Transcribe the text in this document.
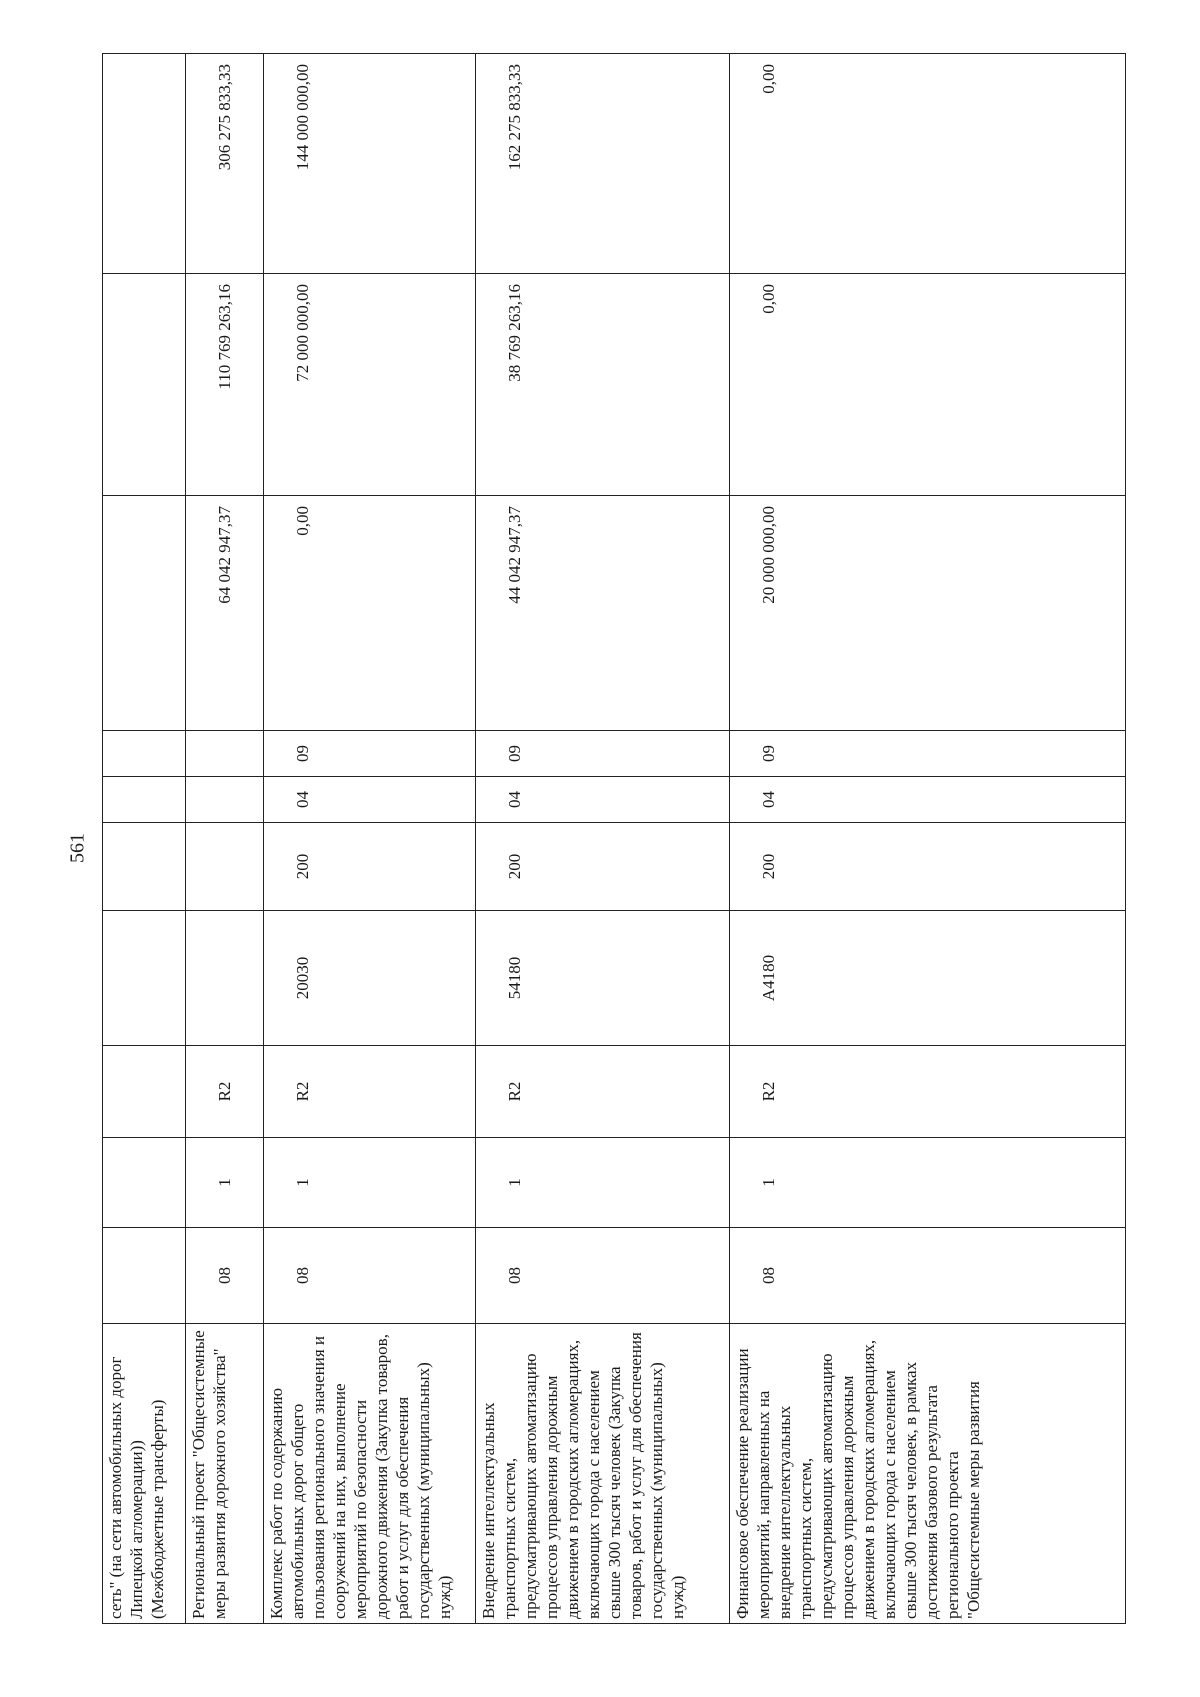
561
сеть" (на сети автомобильных дорог Липецкой агломерации)) (Межбюджетные трансферты)										
Региональный проект "Общесистемные меры развития дорожного хозяйства"	08	1	R2					64 042 947,37	110 769 263,16	306 275 833,33
Комплекс работ по содержанию автомобильных дорог общего пользования регионального значения и сооружений на них, выполнение мероприятий по безопасности дорожного движения (Закупка товаров, работ и услуг для обеспечения государственных (муниципальных) нужд)	08	1	R2	20030	200	04	09	0,00	72 000 000,00	144 000 000,00
Внедрение интеллектуальных транспортных систем, предусматривающих автоматизацию процессов управления дорожным движением в городских агломерациях, включающих города с населением свыше 300 тысяч человек (Закупка товаров, работ и услуг для обеспечения государственных (муниципальных) нужд)	08	1	R2	54180	200	04	09	44 042 947,37	38 769 263,16	162 275 833,33
Финансовое обеспечение реализации мероприятий, направленных на внедрение интеллектуальных транспортных систем, предусматривающих автоматизацию процессов управления дорожным движением в городских агломерациях, включающих города с населением свыше 300 тысяч человек, в рамках достижения базового результата регионального проекта "Общесистемные меры развития	08	1	R2	А4180	200	04	09	20 000 000,00	0,00	0,00
